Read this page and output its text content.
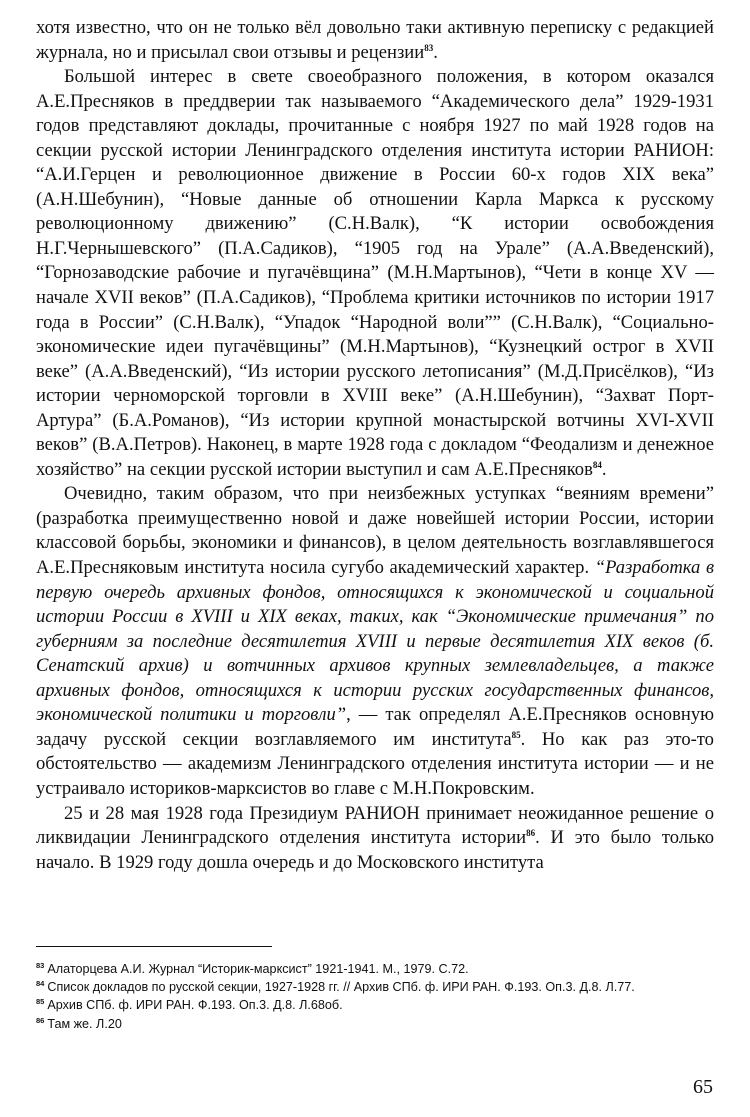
хотя известно, что он не только вёл довольно таки активную переписку с редакцией журнала, но и присылал свои отзывы и рецензии$^{83}$.

Большой интерес в свете своеобразного положения, в котором оказался А.Е.Пресняков в преддверии так называемого “Академического дела” 1929-1931 годов представляют доклады, прочитанные с ноября 1927 по май 1928 годов на секции русской истории Ленинградского отделения института истории РАНИОН: “А.И.Герцен и революционное движение в России 60-х годов XIX века” (А.Н.Шебунин), “Новые данные об отношении Карла Маркса к русскому революционному движению” (С.Н.Валк), “К истории освобождения Н.Г.Чернышевского” (П.А.Садиков), “1905 год на Урале” (А.А.Введенский), “Горнозаводские рабочие и пугачёвщина” (М.Н.Мартынов), “Чети в конце XV — начале XVII веков” (П.А.Садиков), “Проблема критики источников по истории 1917 года в России” (С.Н.Валк), “Упадок “Народной воли”” (С.Н.Валк), “Социально-экономические идеи пугачёвщины” (М.Н.Мартынов), “Кузнецкий острог в XVII веке” (А.А.Введенский), “Из истории русского летописания” (М.Д.Присёлков), “Из истории черноморской торговли в XVIII веке” (А.Н.Шебунин), “Захват Порт-Артура” (Б.А.Романов), “Из истории крупной монастырской вотчины XVI-XVII веков” (В.А.Петров). Наконец, в марте 1928 года с докладом “Феодализм и денежное хозяйство” на секции русской истории выступил и сам А.Е.Пресняков$^{84}$.

Очевидно, таким образом, что при неизбежных уступках “веяниям времени” (разработка преимущественно новой и даже новейшей истории России, истории классовой борьбы, экономики и финансов), в целом деятельность возглавлявшегося А.Е.Пресняковым института носила сугубо академический характер. “Разработка в первую очередь архивных фондов, относящихся к экономической и социальной истории России в XVIII и XIX веках, таких, как “Экономические примечания” по губерниям за последние десятилетия XVIII и первые десятилетия XIX веков (б. Сенатский архив) и вотчинных архивов крупных землевладельцев, а также архивных фондов, относящихся к истории русских государственных финансов, экономической политики и торговли”, — так определял А.Е.Пресняков основную задачу русской секции возглавляемого им института$^{85}$. Но как раз это-то обстоятельство — академизм Ленинградского отделения института истории — и не устраивало историков-марксистов во главе с М.Н.Покровским.

25 и 28 мая 1928 года Президиум РАНИОН принимает неожиданное решение о ликвидации Ленинградского отделения института истории$^{86}$. И это было только начало. В 1929 году дошла очередь и до Московского института

$^{83}$ Алаторцева А.И. Журнал “Историк-марксист” 1921-1941. М., 1979. С.72.

$^{84}$ Список докладов по русской секции, 1927-1928 гг. // Архив СПб. ф. ИРИ РАН. Ф.193. Оп.3. Д.8. Л.77.

$^{85}$ Архив СПб. ф. ИРИ РАН. Ф.193. Оп.3. Д.8. Л.68об.

$^{86}$ Там же. Л.20

65
